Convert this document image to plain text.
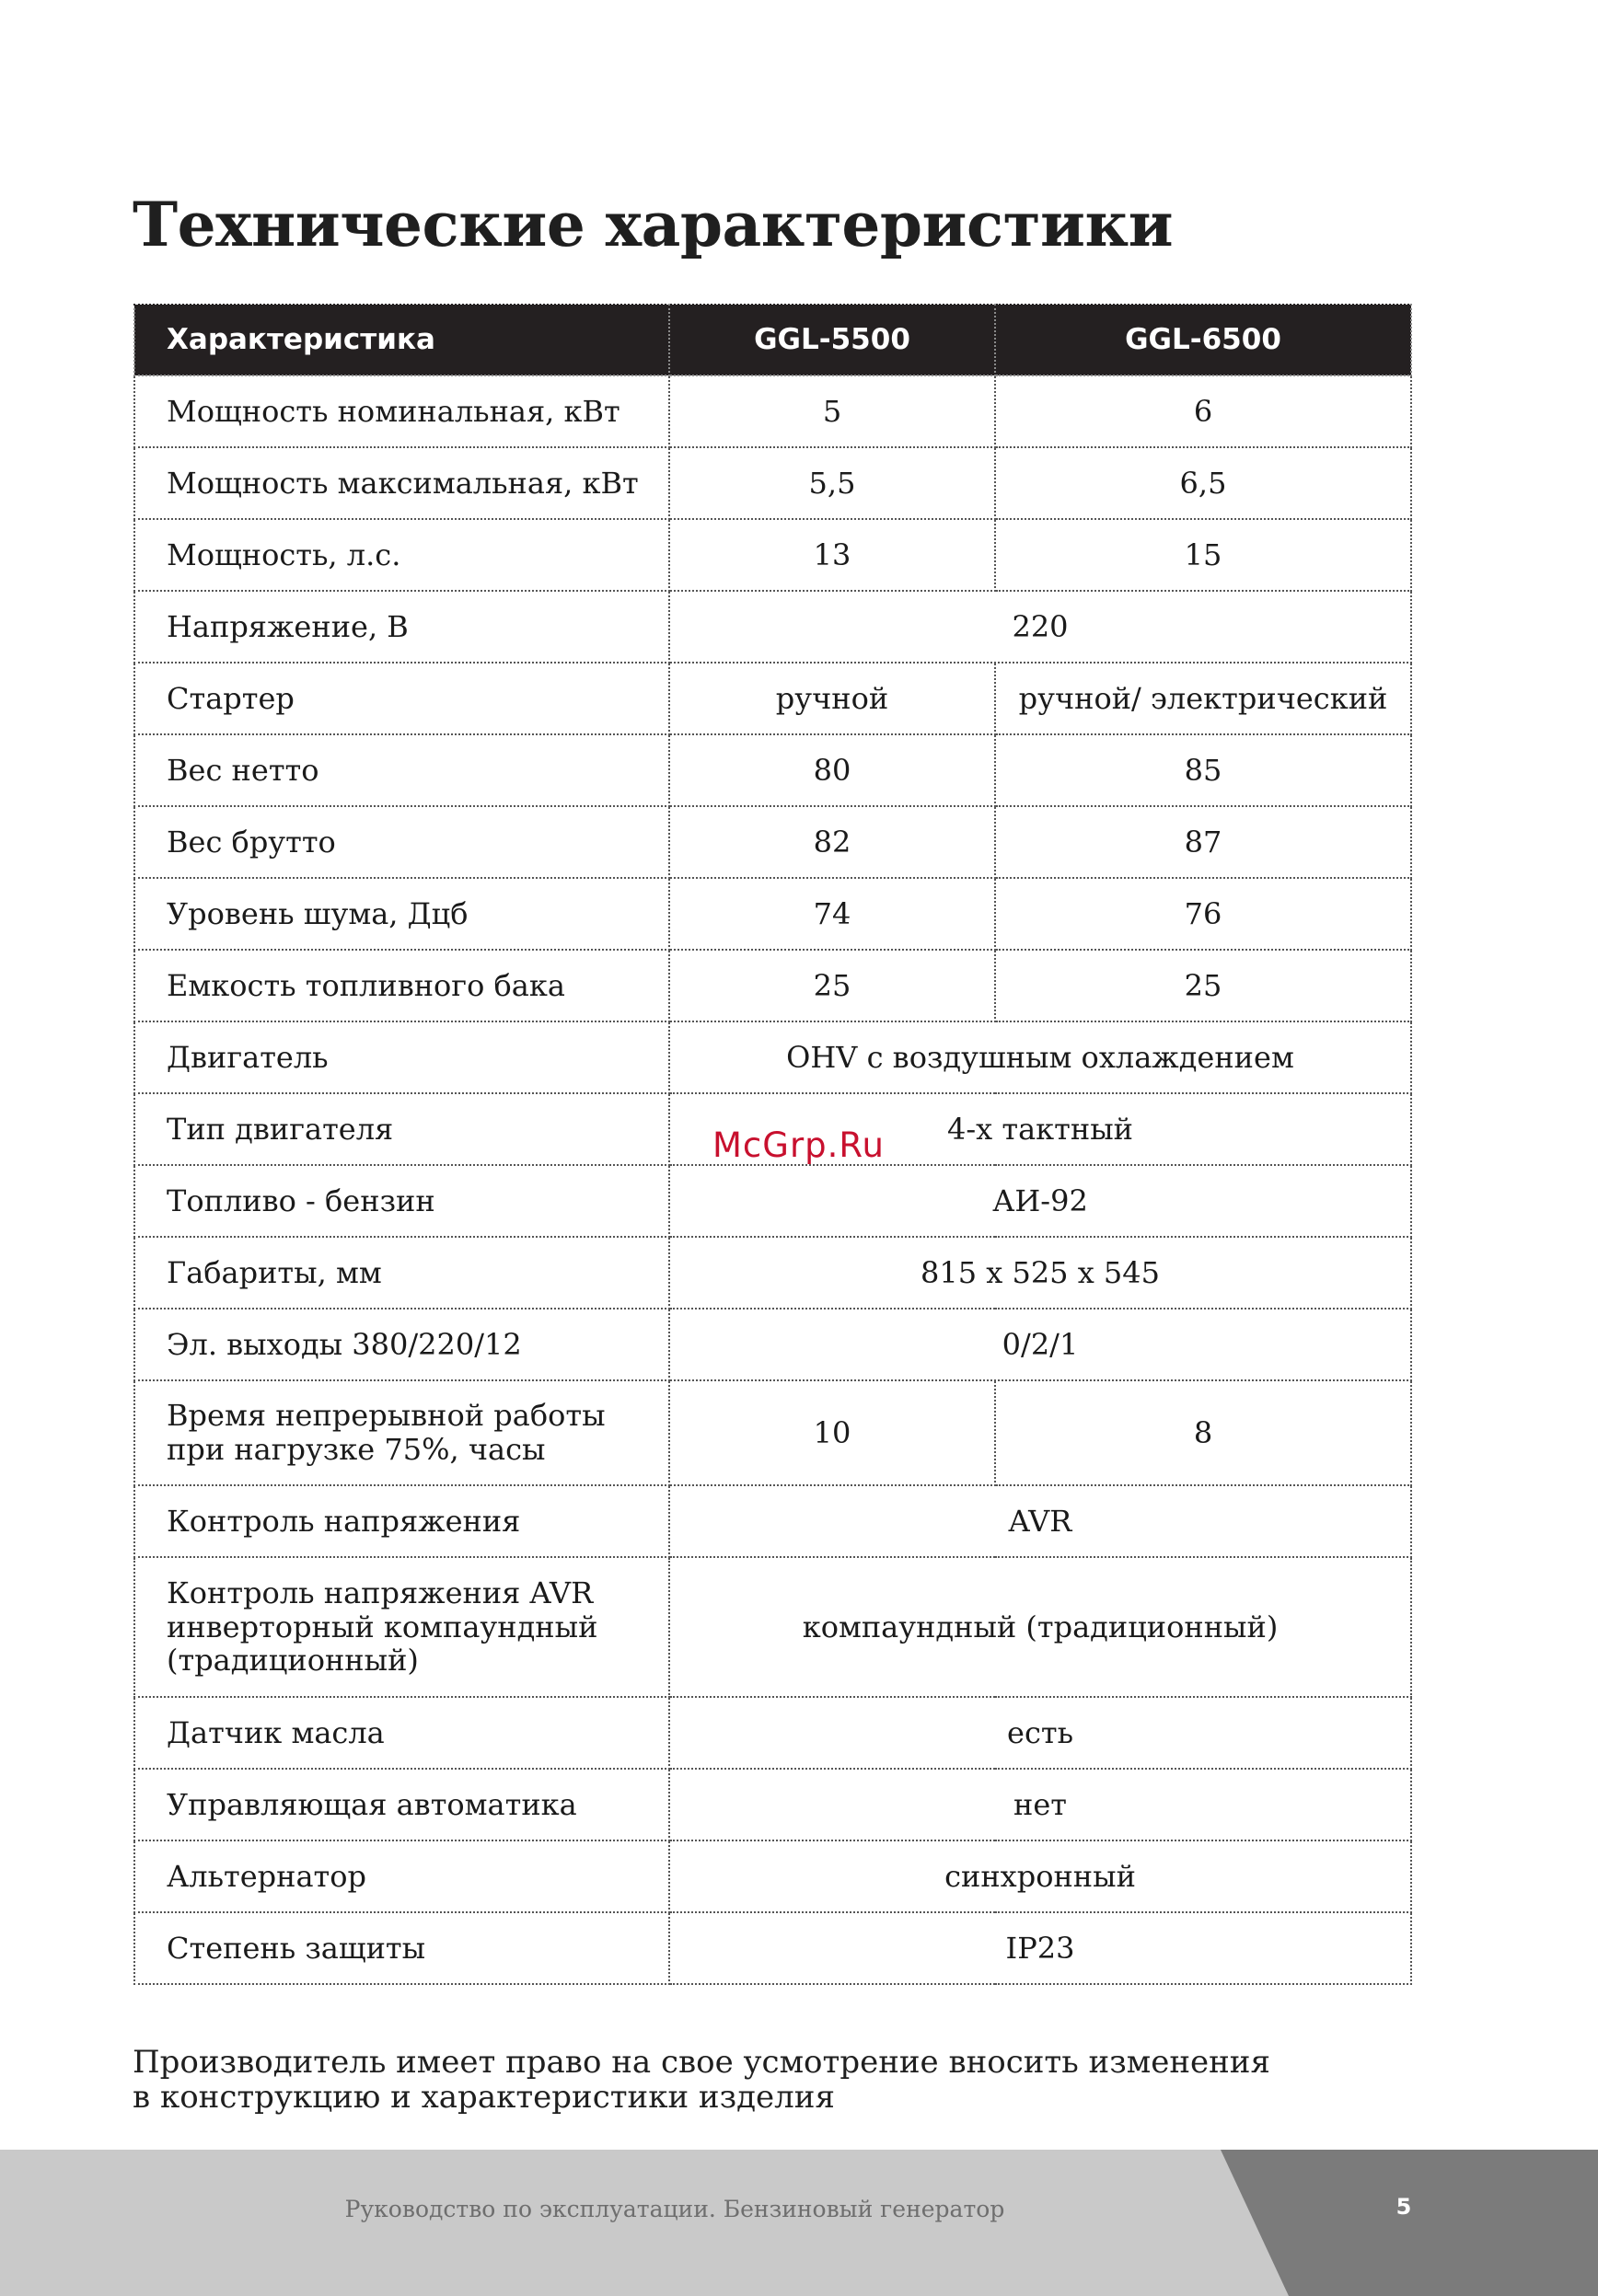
Технические характеристики
Характеристика	GGL-5500	GGL-6500
Мощность номинальная, кВт	5	6
Мощность максимальная, кВт	5,5	6,5
Мощность, л.с.	13	15
Напряжение, В	220	
Стартер	ручной	ручной/ электрический
Вес нетто	80	85
Вес брутто	82	87
Уровень шума, Дцб	74	76
Емкость топливного бака	25	25
Двигатель	OHV с воздушным охлаждением	
Тип двигателя	4-х тактный	
Топливо - бензин	АИ-92	
Габариты, мм	815 x 525 x 545	
Эл. выходы 380/220/12	0/2/1	

Время непрерывной работы
при нагрузке 75%, часы	10	8
Контроль напряжения	AVR	

Контроль напряжения AVR
инверторный компаундный
(традиционный)	компаундный (традиционный)	
Датчик масла	есть	
Управляющая автоматика	нет	
Альтернатор	синхронный	
Степень защиты	IP23	
McGrp.Ru

Производитель имеет право на свое усмотрение вносить изменения
в конструкцию и характеристики изделия

Руководство по эксплуатации. Бензиновый генератор	5
